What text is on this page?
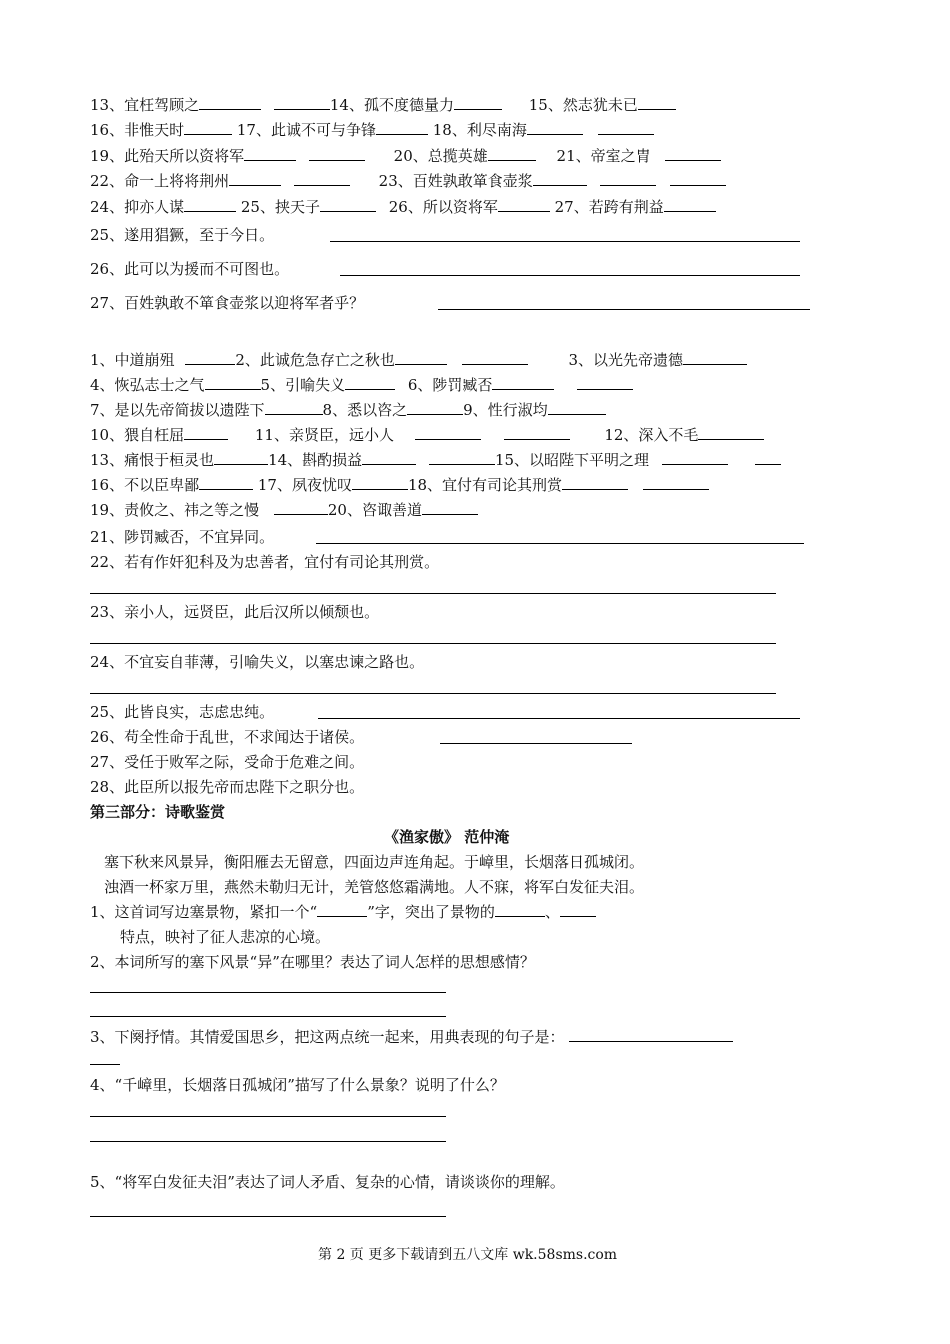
13、宜枉驾顾之	14、孤不度德量力	15、然志犹未已
16、非惟天时	17、此诚不可与争锋	18、利尽南海
19、此殆天所以资将军	20、总揽英雄	21、帝室之胄
22、命一上将将荆州	23、百姓孰敢箪食壶浆
24、抑亦人谋	25、挟天子	26、所以资将军	27、若跨有荆益
25、遂用猖獗，至于今日。
26、此可以为援而不可图也。
27、百姓孰敢不箪食壶浆以迎将军者乎？
1、中道崩殂	2、此诚危急存亡之秋也	3、以光先帝遗德
4、恢弘志士之气	5、引喻失义	6、陟罚臧否
7、是以先帝简拔以遗陛下	8、悉以咨之	9、性行淑均
10、猥自枉屈	11、亲贤臣，远小人	12、深入不毛
13、痛恨于桓灵也	14、斟酌损益	15、以昭陛下平明之理
16、不以臣卑鄙	17、夙夜忧叹	18、宜付有司论其刑赏
19、责攸之、祎之等之慢	20、咨诹善道
21、陟罚臧否，不宜异同。
22、若有作奸犯科及为忠善者，宜付有司论其刑赏。
23、亲小人，远贤臣，此后汉所以倾颓也。
24、不宜妄自菲薄，引喻失义，以塞忠谏之路也。
25、此皆良实，志虑忠纯。
26、苟全性命于乱世，不求闻达于诸侯。
27、受任于败军之际，受命于危难之间。
28、此臣所以报先帝而忠陛下之职分也。
第三部分：诗歌鉴赏
《渔家傲》 范仲淹
塞下秋来风景异，衡阳雁去无留意，四面边声连角起。于嶂里，长烟落日孤城闭。
浊酒一杯家万里，燕然未勒归无计，羌管悠悠霜满地。人不寐，将军白发征夫泪。
1、这首词写边塞景物，紧扣一个“	”字，突出了景物的	、
特点，映衬了征人悲凉的心境。
2、本词所写的塞下风景“异”在哪里？表达了词人怎样的思想感情？
3、下阕抒情。其情爱国思乡，把这两点统一起来，用典表现的句子是：
4、“千嶂里，长烟落日孤城闭”描写了什么景象？说明了什么？
5、“将军白发征夫泪”表达了词人矛盾、复杂的心情，请谈谈你的理解。
第 2 页 更多下载请到五八文库 wk.58sms.com
